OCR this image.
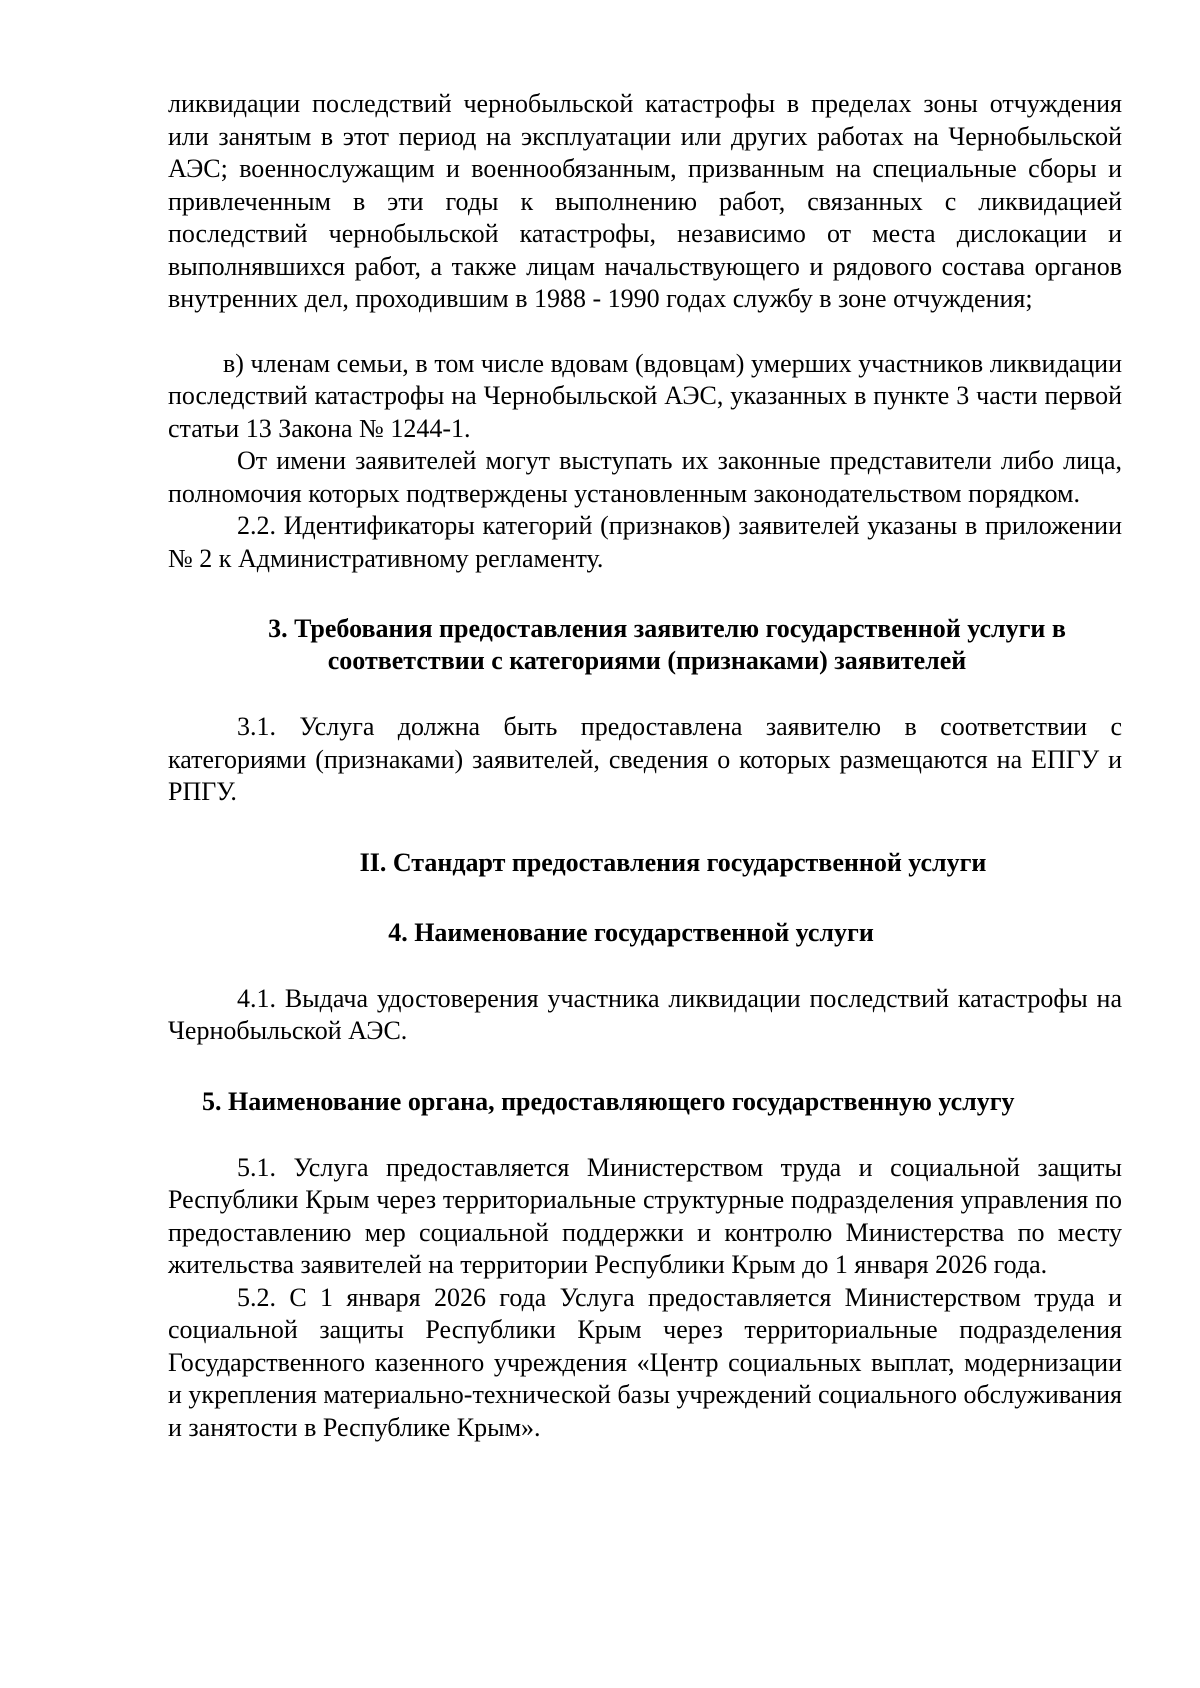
ликвидации последствий чернобыльской катастрофы в пределах зоны отчуждения или занятым в этот период на эксплуатации или других работах на Чернобыльской АЭС; военнослужащим и военнообязанным, призванным на специальные сборы и привлеченным в эти годы к выполнению работ, связанных с ликвидацией последствий чернобыльской катастрофы, независимо от места дислокации и выполнявшихся работ, а также лицам начальствующего и рядового состава органов внутренних дел, проходившим в 1988 - 1990 годах службу в зоне отчуждения;

в) членам семьи, в том числе вдовам (вдовцам) умерших участников ликвидации последствий катастрофы на Чернобыльской АЭС, указанных в пункте 3 части первой статьи 13 Закона № 1244-1.

От имени заявителей могут выступать их законные представители либо лица, полномочия которых подтверждены установленным законодательством порядком.

2.2. Идентификаторы категорий (признаков) заявителей указаны в приложении № 2 к Административному регламенту.

3. Требования предоставления заявителю государственной услуги в
соответствии с категориями (признаками) заявителей

3.1. Услуга должна быть предоставлена заявителю в соответствии с категориями (признаками) заявителей, сведения о которых размещаются на ЕПГУ и РПГУ.

II. Стандарт предоставления государственной услуги
4. Наименование государственной услуги

4.1. Выдача удостоверения участника ликвидации последствий катастрофы на Чернобыльской АЭС.

5. Наименование органа, предоставляющего государственную услугу

5.1. Услуга предоставляется Министерством труда и социальной защиты Республики Крым через территориальные структурные подразделения управления по предоставлению мер социальной поддержки и контролю Министерства по месту жительства заявителей на территории Республики Крым до 1 января 2026 года.

5.2. С 1 января 2026 года Услуга предоставляется Министерством труда и социальной защиты Республики Крым через территориальные подразделения Государственного казенного учреждения «Центр социальных выплат, модернизации и укрепления материально-технической базы учреждений социального обслуживания и занятости в Республике Крым».
